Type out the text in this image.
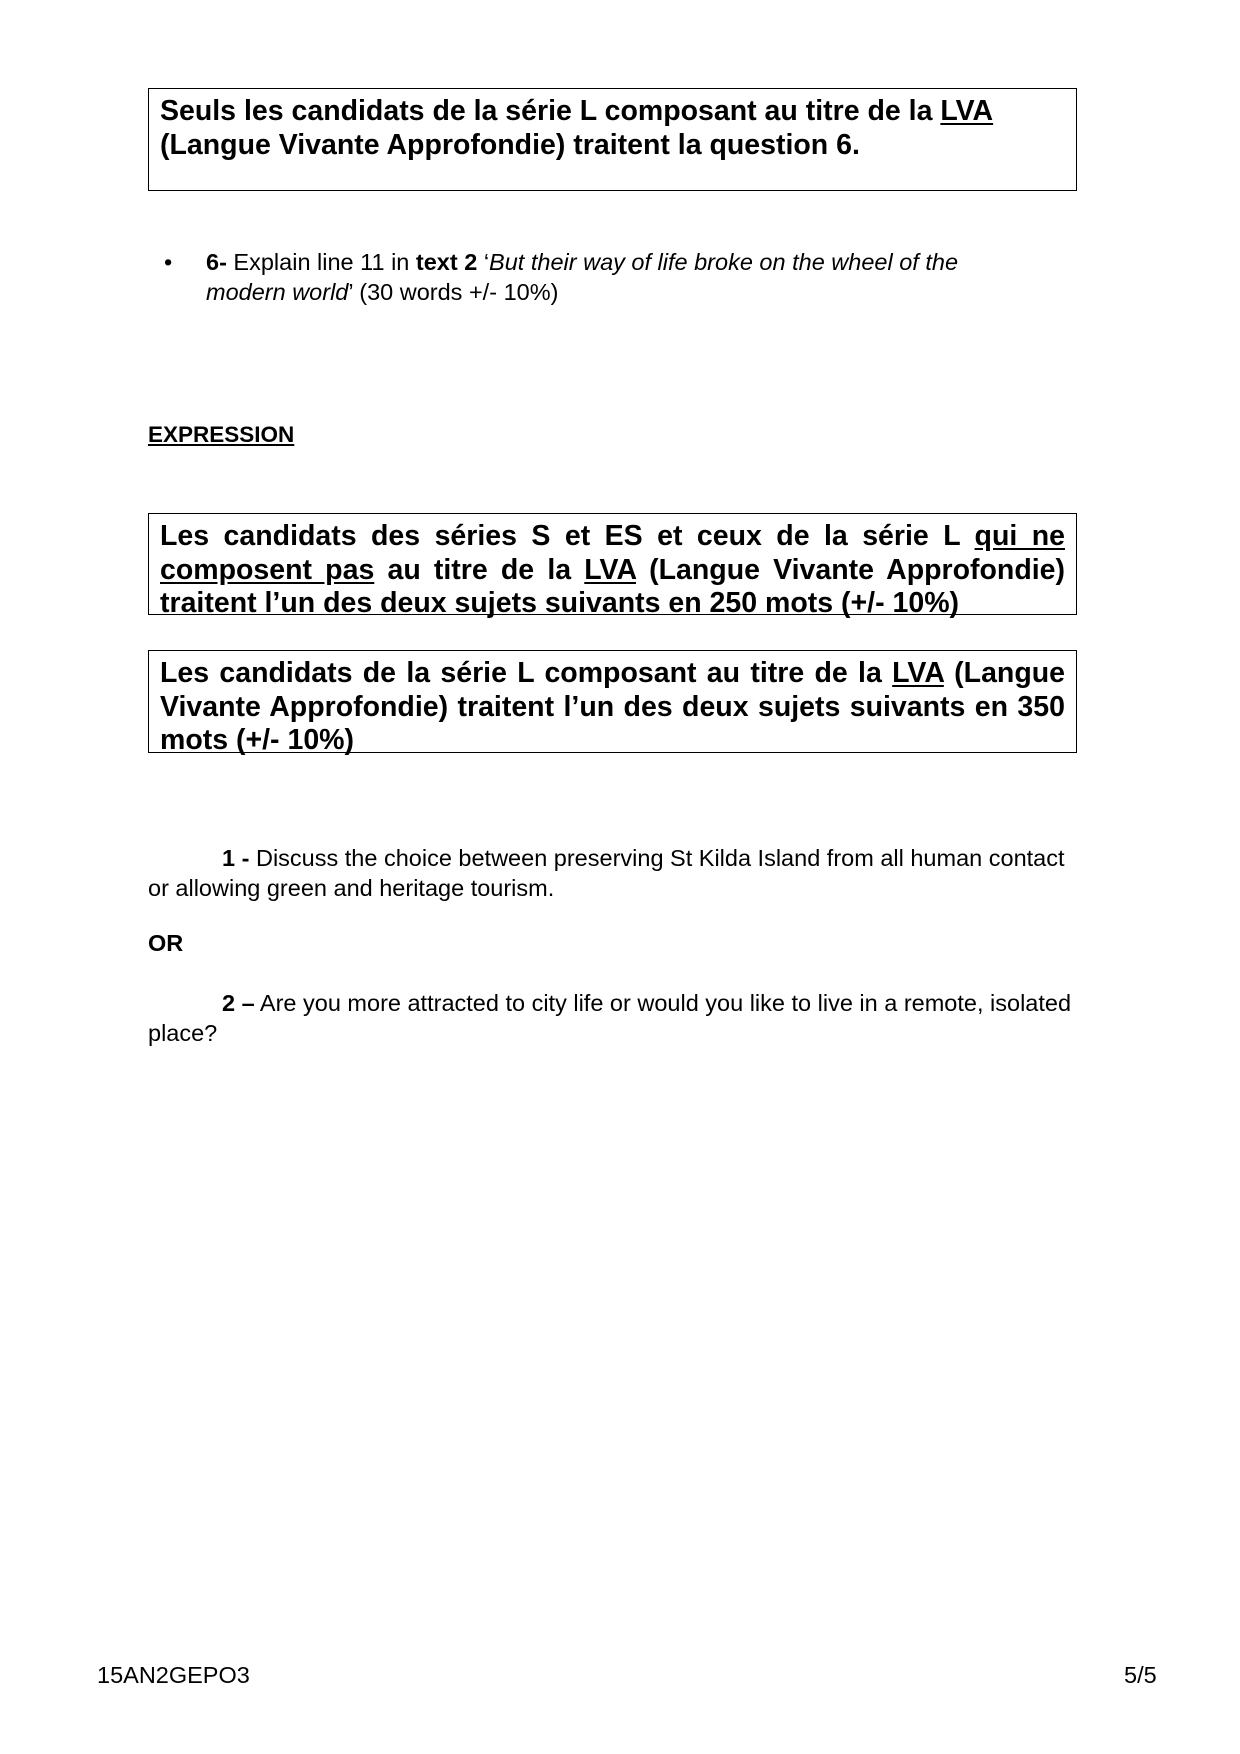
Seuls les candidats de la série L composant au titre de la LVA
(Langue Vivante Approfondie) traitent la question 6.

• 6- Explain line 11 in text 2 ‘But their way of life broke on the wheel of the modern world’ (30 words +/- 10%)
EXPRESSION

Les candidats des séries S et ES et ceux de la série L qui ne composent pas au titre de la LVA (Langue Vivante Approfondie) traitent l’un des deux sujets suivants en 250 mots (+/- 10%)

Les candidats de la série L composant au titre de la LVA (Langue Vivante Approfondie) traitent l’un des deux sujets suivants en 350 mots (+/- 10%)

1 - Discuss the choice between preserving St Kilda Island from all human contact or allowing green and heritage tourism.
OR
2 – Are you more attracted to city life or would you like to live in a remote, isolated place?
15AN2GEPO3	5/5
